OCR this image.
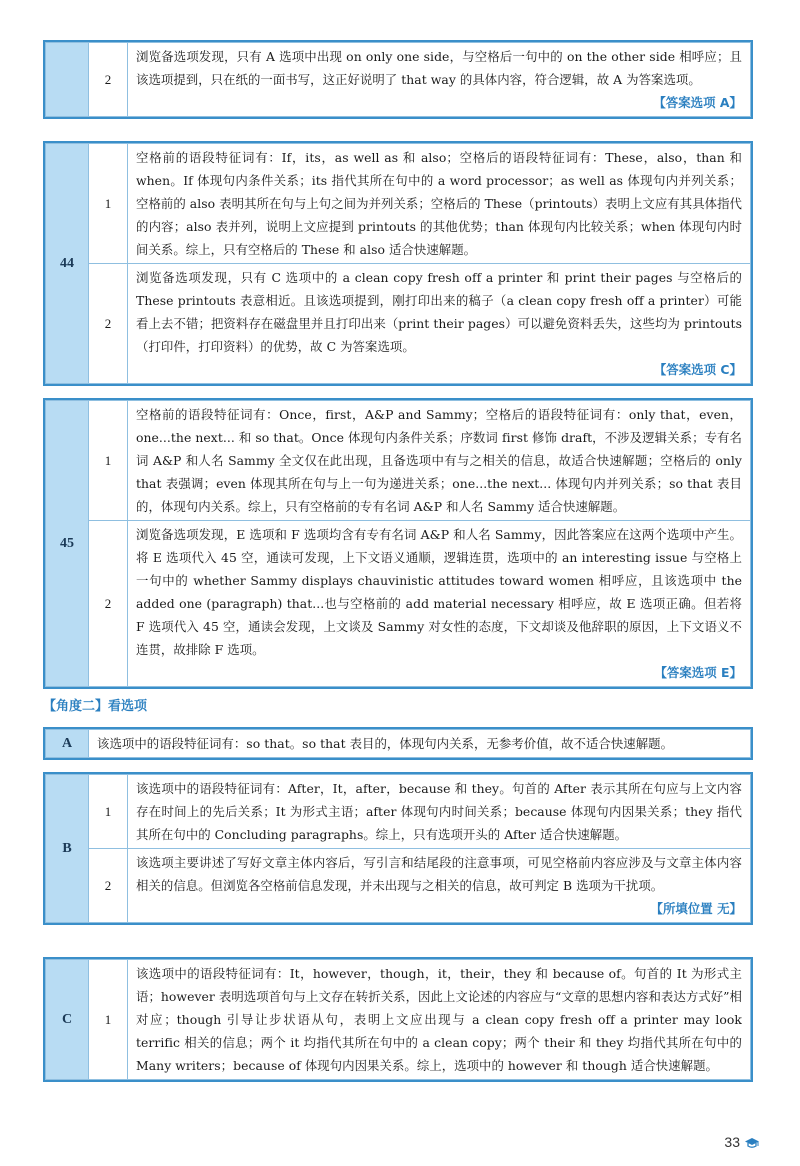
	2	浏览备选项发现，只有 A 选项中出现 on only one side，与空格后一句中的 on the other side 相呼应；且该选项提到，只在纸的一面书写，这正好说明了 that way 的具体内容，符合逻辑，故 A 为答案选项。
【答案选项 A】
44	1	空格前的语段特征词有：If，its，as well as 和 also；空格后的语段特征词有：These，also，than 和 when。If 体现句内条件关系；its 指代其所在句中的 a word processor；as well as 体现句内并列关系；空格前的 also 表明其所在句与上句之间为并列关系；空格后的 These（printouts）表明上文应有其具体指代的内容；also 表并列，说明上文应提到 printouts 的其他优势；than 体现句内比较关系；when 体现句内时间关系。综上，只有空格后的 These 和 also 适合快速解题。
	2	浏览备选项发现，只有 C 选项中的 a clean copy fresh off a printer 和 print their pages 与空格后的 These printouts 表意相近。且该选项提到，刚打印出来的稿子（a clean copy fresh off a printer）可能看上去不错；把资料存在磁盘里并且打印出来（print their pages）可以避免资料丢失，这些均为 printouts（打印件，打印资料）的优势，故 C 为答案选项。
【答案选项 C】
45	1	空格前的语段特征词有：Once，first，A&P and Sammy；空格后的语段特征词有：only that，even，one...the next... 和 so that。Once 体现句内条件关系；序数词 first 修饰 draft，不涉及逻辑关系；专有名词 A&P 和人名 Sammy 全文仅在此出现，且备选项中有与之相关的信息，故适合快速解题；空格后的 only that 表强调；even 体现其所在句与上一句为递进关系；one...the next... 体现句内并列关系；so that 表目的，体现句内关系。综上，只有空格前的专有名词 A&P 和人名 Sammy 适合快速解题。
	2	浏览备选项发现，E 选项和 F 选项均含有专有名词 A&P 和人名 Sammy，因此答案应在这两个选项中产生。将 E 选项代入 45 空，通读可发现，上下文语义通顺，逻辑连贯，选项中的 an interesting issue 与空格上一句中的 whether Sammy displays chauvinistic attitudes toward women 相呼应，且该选项中 the added one (paragraph) that...也与空格前的 add material necessary 相呼应，故 E 选项正确。但若将 F 选项代入 45 空，通读会发现，上文谈及 Sammy 对女性的态度，下文却谈及他辞职的原因，上下文语义不连贯，故排除 F 选项。
【答案选项 E】
【角度二】看选项
A	该选项中的语段特征词有：so that。so that 表目的，体现句内关系，无参考价值，故不适合快速解题。
B	1	该选项中的语段特征词有：After，It，after，because 和 they。句首的 After 表示其所在句应与上文内容存在时间上的先后关系；It 为形式主语；after 体现句内时间关系；because 体现句内因果关系；they 指代其所在句中的 Concluding paragraphs。综上，只有选项开头的 After 适合快速解题。
	2	该选项主要讲述了写好文章主体内容后，写引言和结尾段的注意事项，可见空格前内容应涉及与文章主体内容相关的信息。但浏览各空格前信息发现，并未出现与之相关的信息，故可判定 B 选项为干扰项。
【所填位置 无】
C	1	该选项中的语段特征词有：It，however，though，it，their，they 和 because of。句首的 It 为形式主语；however 表明选项首句与上文存在转折关系，因此上文论述的内容应与“文章的思想内容和表达方式好”相对应；though 引导让步状语从句，表明上文应出现与 a clean copy fresh off a printer may look terrific 相关的信息；两个 it 均指代其所在句中的 a clean copy；两个 their 和 they 均指代其所在句中的 Many writers；because of 体现句内因果关系。综上，选项中的 however 和 though 适合快速解题。
33
